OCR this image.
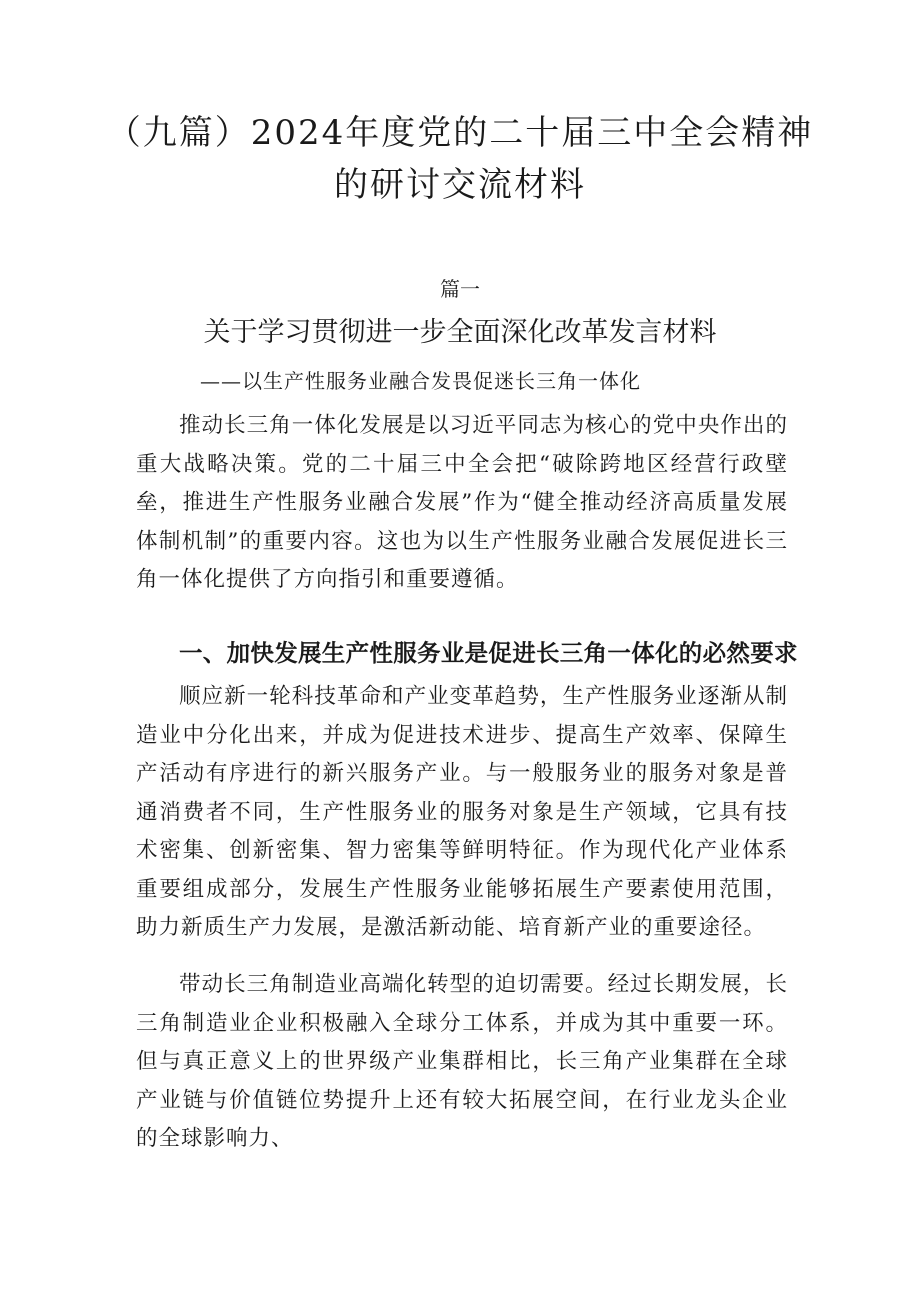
（九篇）2024年度党的二十届三中全会精神
的研讨交流材料
篇一
关于学习贯彻进一步全面深化改革发言材料
——以生产性服务业融合发畏促迷长三角一体化

推动长三角一体化发展是以习近平同志为核心的党中央作出的重大战略决策。党的二十届三中全会把“破除跨地区经营行政壁垒，推进生产性服务业融合发展”作为“健全推动经济高质量发展体制机制”的重要内容。这也为以生产性服务业融合发展促进长三角一体化提供了方向指引和重要遵循。

一、加快发展生产性服务业是促进长三角一体化的必然要求

顺应新一轮科技革命和产业变革趋势，生产性服务业逐渐从制造业中分化出来，并成为促进技术进步、提高生产效率、保障生产活动有序进行的新兴服务产业。与一般服务业的服务对象是普通消费者不同，生产性服务业的服务对象是生产领域，它具有技术密集、创新密集、智力密集等鲜明特征。作为现代化产业体系重要组成部分，发展生产性服务业能够拓展生产要素使用范围，助力新质生产力发展，是激活新动能、培育新产业的重要途径。

带动长三角制造业高端化转型的迫切需要。经过长期发展，长三角制造业企业积极融入全球分工体系，并成为其中重要一环。但与真正意义上的世界级产业集群相比，长三角产业集群在全球产业链与价值链位势提升上还有较大拓展空间，在行业龙头企业的全球影响力、
